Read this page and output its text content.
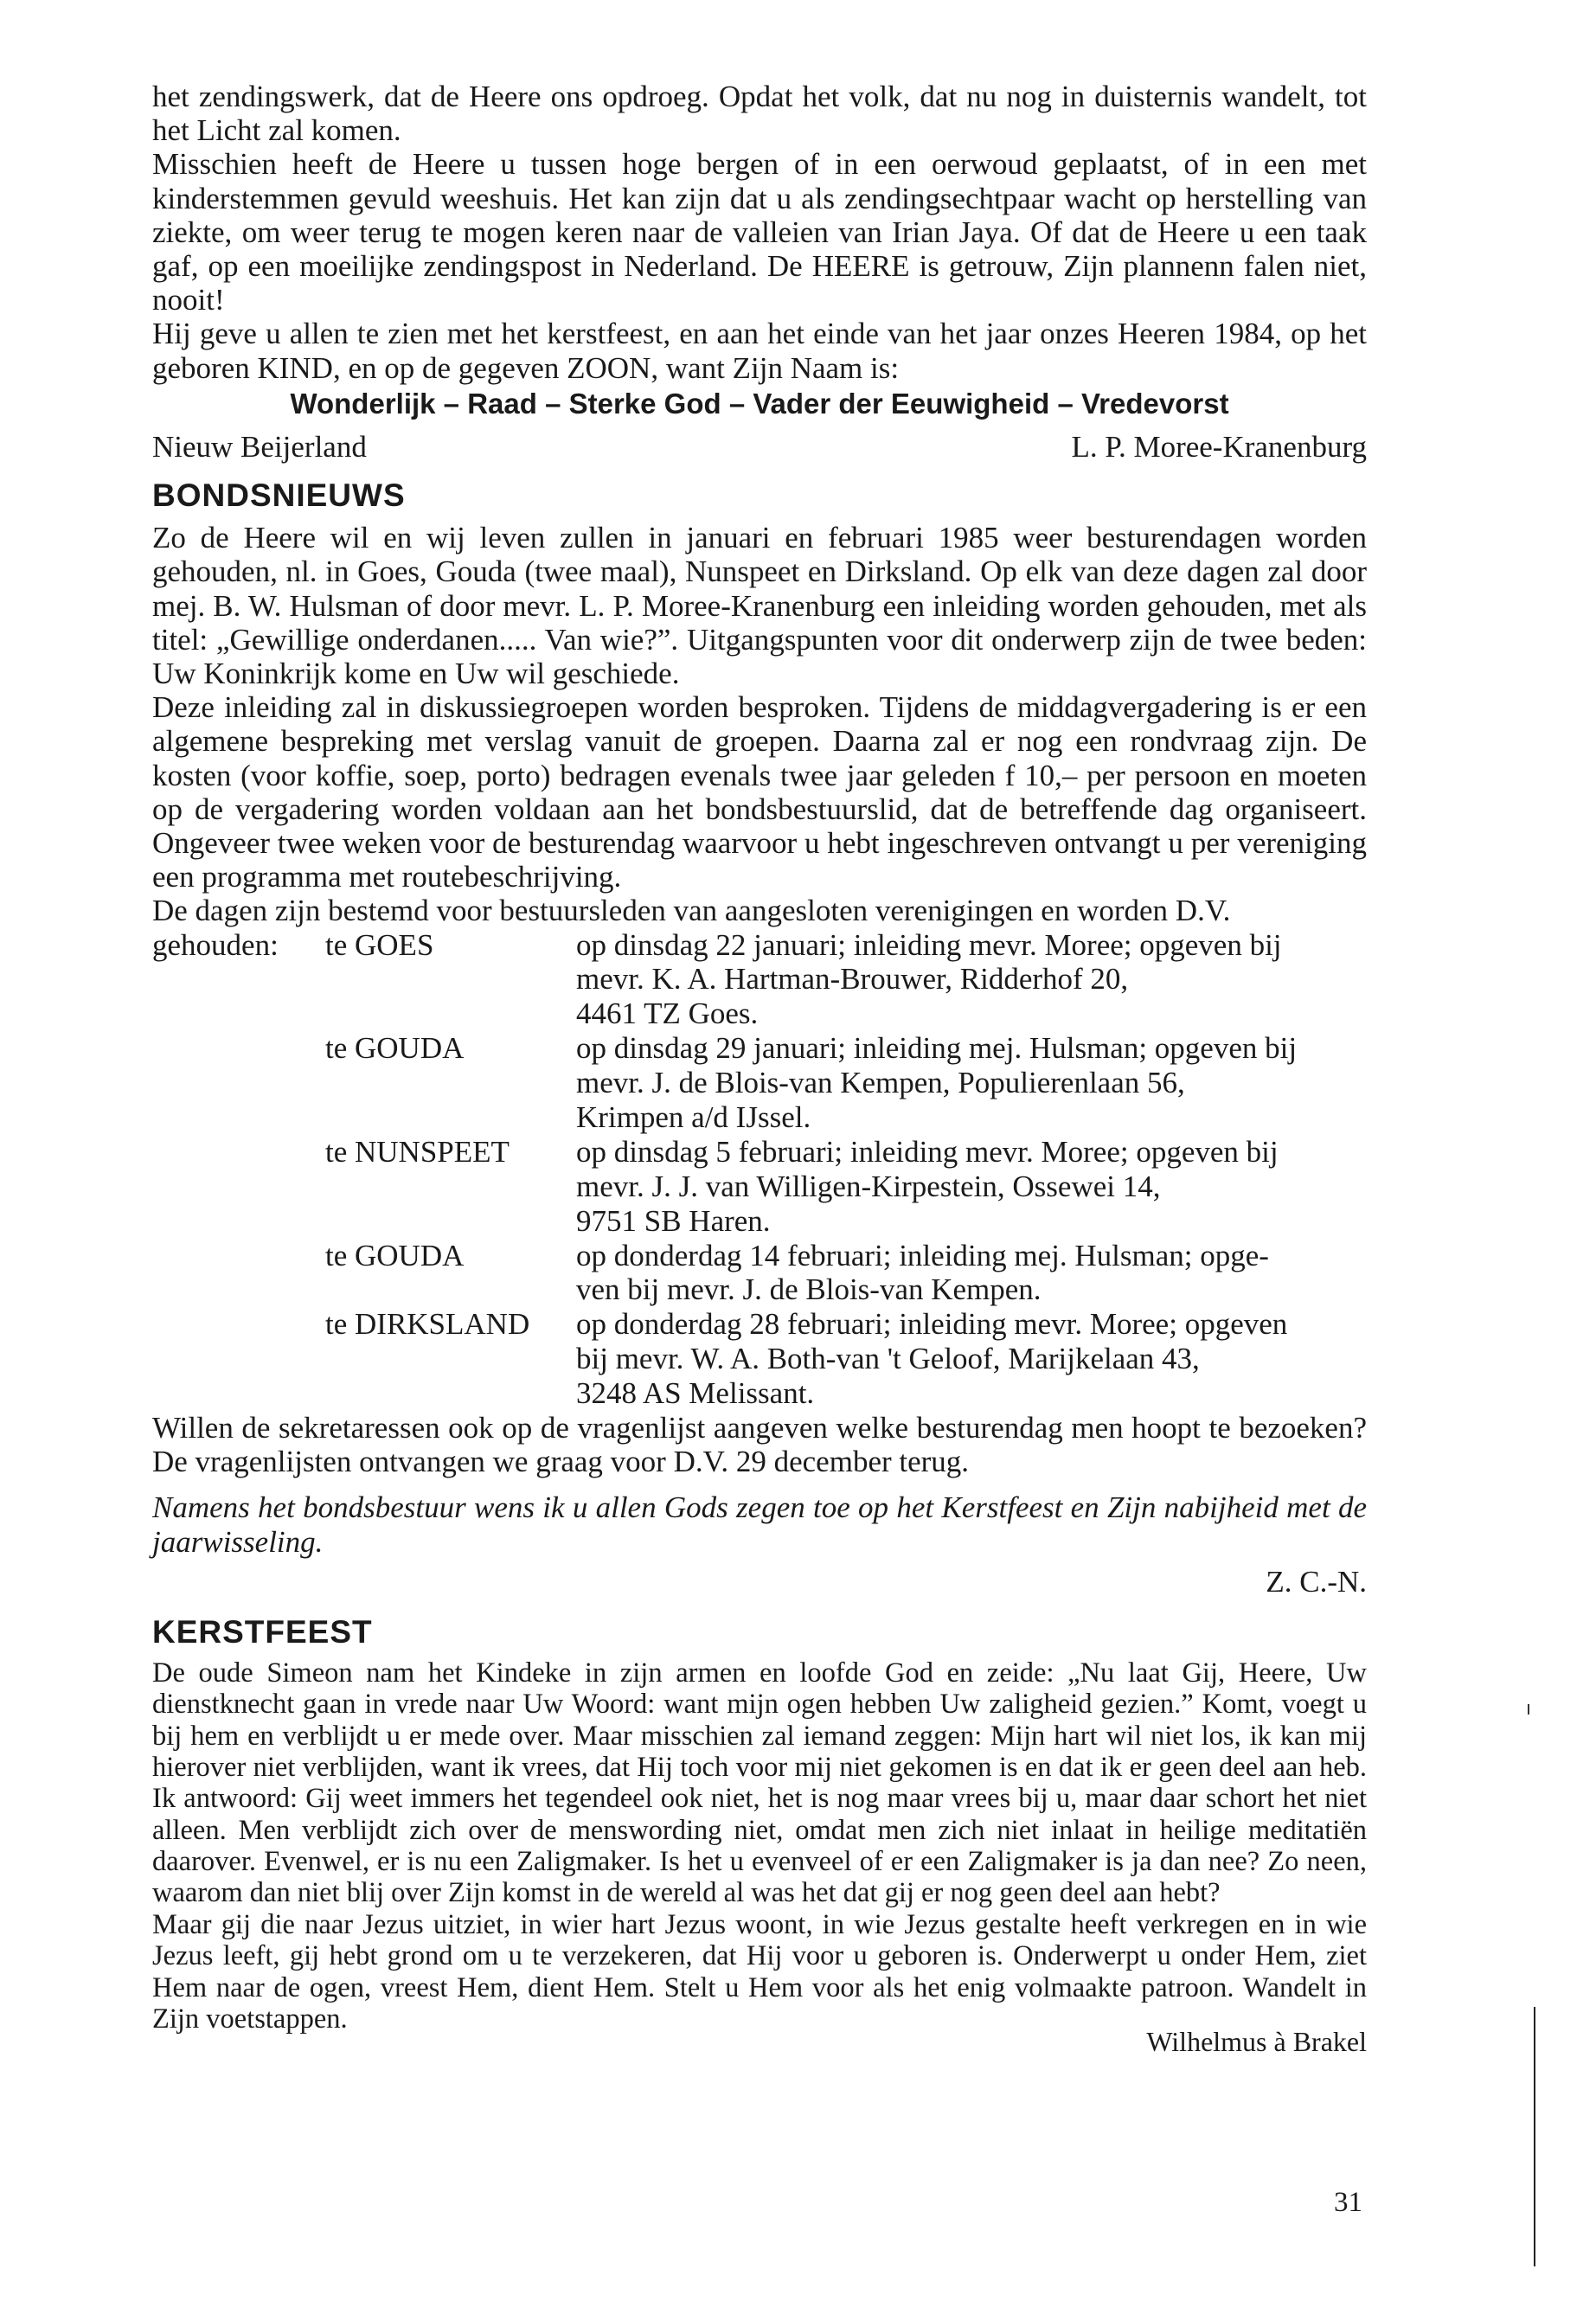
het zendingswerk, dat de Heere ons opdroeg. Opdat het volk, dat nu nog in duisternis wandelt, tot het Licht zal komen.

Misschien heeft de Heere u tussen hoge bergen of in een oerwoud geplaatst, of in een met kinderstemmen gevuld weeshuis. Het kan zijn dat u als zendingsechtpaar wacht op herstelling van ziekte, om weer terug te mogen keren naar de valleien van Irian Jaya. Of dat de Heere u een taak gaf, op een moeilijke zendingspost in Nederland. De HEERE is getrouw, Zijn plannenn falen niet, nooit!

Hij geve u allen te zien met het kerstfeest, en aan het einde van het jaar onzes Heeren 1984, op het geboren KIND, en op de gegeven ZOON, want Zijn Naam is:

Wonderlijk – Raad – Sterke God – Vader der Eeuwigheid – Vredevorst
Nieuw Beijerland	L. P. Moree-Kranenburg
BONDSNIEUWS

Zo de Heere wil en wij leven zullen in januari en februari 1985 weer besturendagen worden gehouden, nl. in Goes, Gouda (twee maal), Nunspeet en Dirksland. Op elk van deze dagen zal door mej. B. W. Hulsman of door mevr. L. P. Moree-Kranenburg een inleiding worden gehouden, met als titel: „Gewillige onderdanen..... Van wie?”. Uitgangspunten voor dit onderwerp zijn de twee beden: Uw Koninkrijk kome en Uw wil geschiede.

Deze inleiding zal in diskussiegroepen worden besproken. Tijdens de middagvergadering is er een algemene bespreking met verslag vanuit de groepen. Daarna zal er nog een rondvraag zijn. De kosten (voor koffie, soep, porto) bedragen evenals twee jaar geleden f 10,– per persoon en moeten op de vergadering worden voldaan aan het bondsbestuurslid, dat de betreffende dag organiseert. Ongeveer twee weken voor de besturendag waarvoor u hebt ingeschreven ontvangt u per vereniging een programma met routebeschrijving.

De dagen zijn bestemd voor bestuursleden van aangesloten verenigingen en worden D.V.

gehouden:	te GOES	op dinsdag 22 januari; inleiding mevr. Moree; opgeven bij
mevr. K. A. Hartman-Brouwer, Ridderhof 20,
4461 TZ Goes.
te GOUDA	op dinsdag 29 januari; inleiding mej. Hulsman; opgeven bij
mevr. J. de Blois-van Kempen, Populierenlaan 56,
Krimpen a/d IJssel.
te NUNSPEET	op dinsdag 5 februari; inleiding mevr. Moree; opgeven bij
mevr. J. J. van Willigen-Kirpestein, Ossewei 14,
9751 SB Haren.
te GOUDA	op donderdag 14 februari; inleiding mej. Hulsman; opge-
ven bij mevr. J. de Blois-van Kempen.
te DIRKSLAND	op donderdag 28 februari; inleiding mevr. Moree; opgeven
bij mevr. W. A. Both-van 't Geloof, Marijkelaan 43,
3248 AS Melissant.

Willen de sekretaressen ook op de vragenlijst aangeven welke besturendag men hoopt te bezoeken? De vragenlijsten ontvangen we graag voor D.V. 29 december terug.

Namens het bondsbestuur wens ik u allen Gods zegen toe op het Kerstfeest en Zijn nabijheid met de jaarwisseling.

Z. C.-N.
KERSTFEEST

De oude Simeon nam het Kindeke in zijn armen en loofde God en zeide: „Nu laat Gij, Heere, Uw dienstknecht gaan in vrede naar Uw Woord: want mijn ogen hebben Uw zaligheid gezien.” Komt, voegt u bij hem en verblijdt u er mede over. Maar misschien zal iemand zeggen: Mijn hart wil niet los, ik kan mij hierover niet verblijden, want ik vrees, dat Hij toch voor mij niet gekomen is en dat ik er geen deel aan heb. Ik antwoord: Gij weet immers het tegendeel ook niet, het is nog maar vrees bij u, maar daar schort het niet alleen. Men verblijdt zich over de menswording niet, omdat men zich niet inlaat in heilige meditatiën daarover. Evenwel, er is nu een Zaligmaker. Is het u evenveel of er een Zaligmaker is ja dan nee? Zo neen, waarom dan niet blij over Zijn komst in de wereld al was het dat gij er nog geen deel aan hebt?

Maar gij die naar Jezus uitziet, in wier hart Jezus woont, in wie Jezus gestalte heeft verkregen en in wie Jezus leeft, gij hebt grond om u te verzekeren, dat Hij voor u geboren is. Onderwerpt u onder Hem, ziet Hem naar de ogen, vreest Hem, dient Hem. Stelt u Hem voor als het enig volmaakte patroon. Wandelt in Zijn voetstappen.

Wilhelmus à Brakel
31
